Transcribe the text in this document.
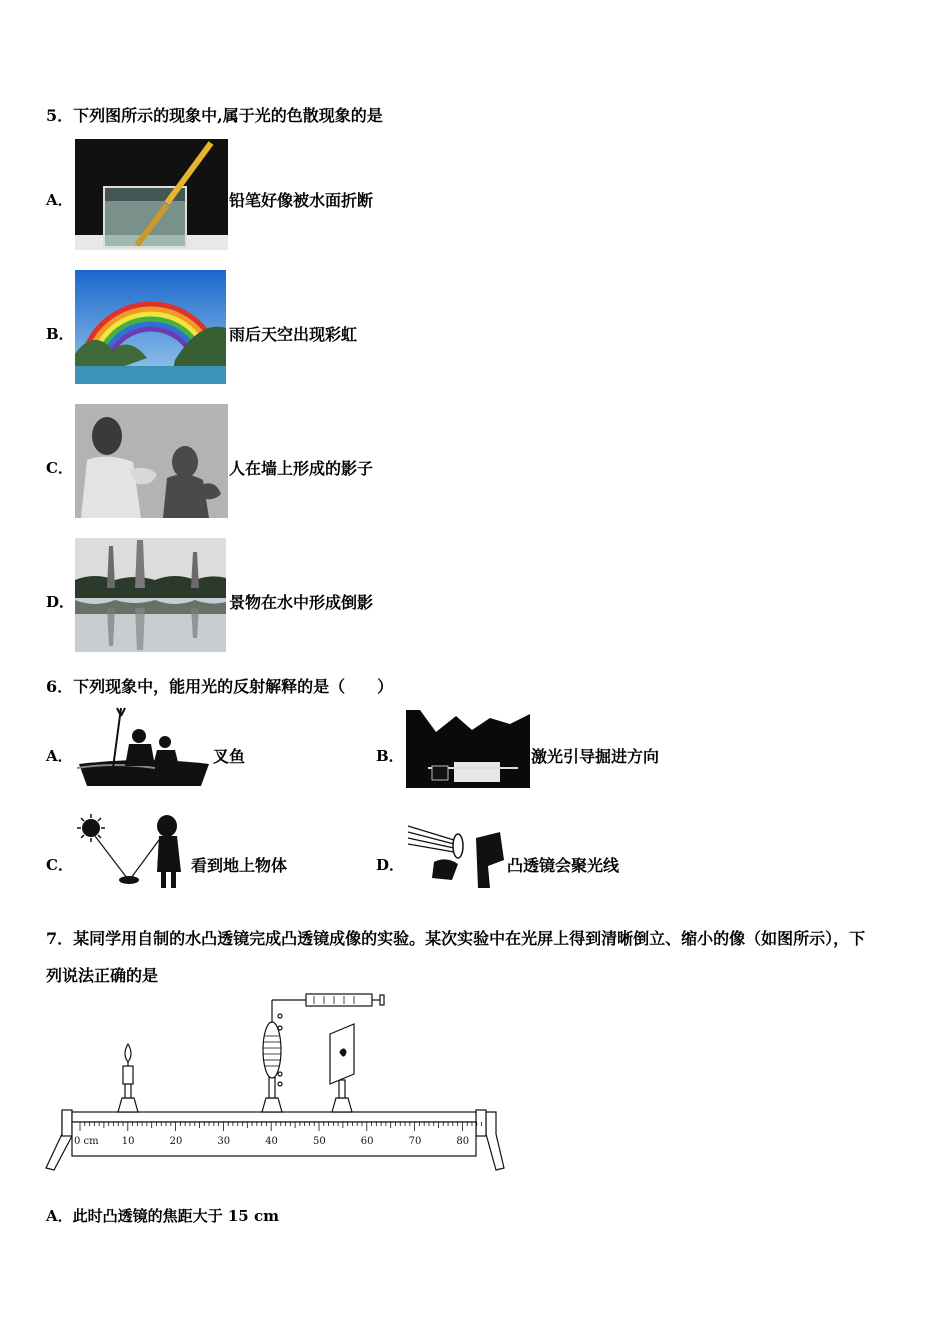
5．下列图所示的现象中,属于光的色散现象的是
A．	铅笔好像被水面折断
B．	雨后天空出现彩虹
C．	人在墙上形成的影子
D．	景物在水中形成倒影
6．下列现象中，能用光的反射解释的是（　　）
A．	叉鱼	B．	激光引导掘进方向
C．	看到地上物体	D．	凸透镜会聚光线
7．某同学用自制的水凸透镜完成凸透镜成像的实验。某次实验中在光屏上得到清晰倒立、缩小的像（如图所示），下
列说法正确的是
0 cm 10	20	30	40	50	60	70	80
A．此时凸透镜的焦距大于 15 cm
